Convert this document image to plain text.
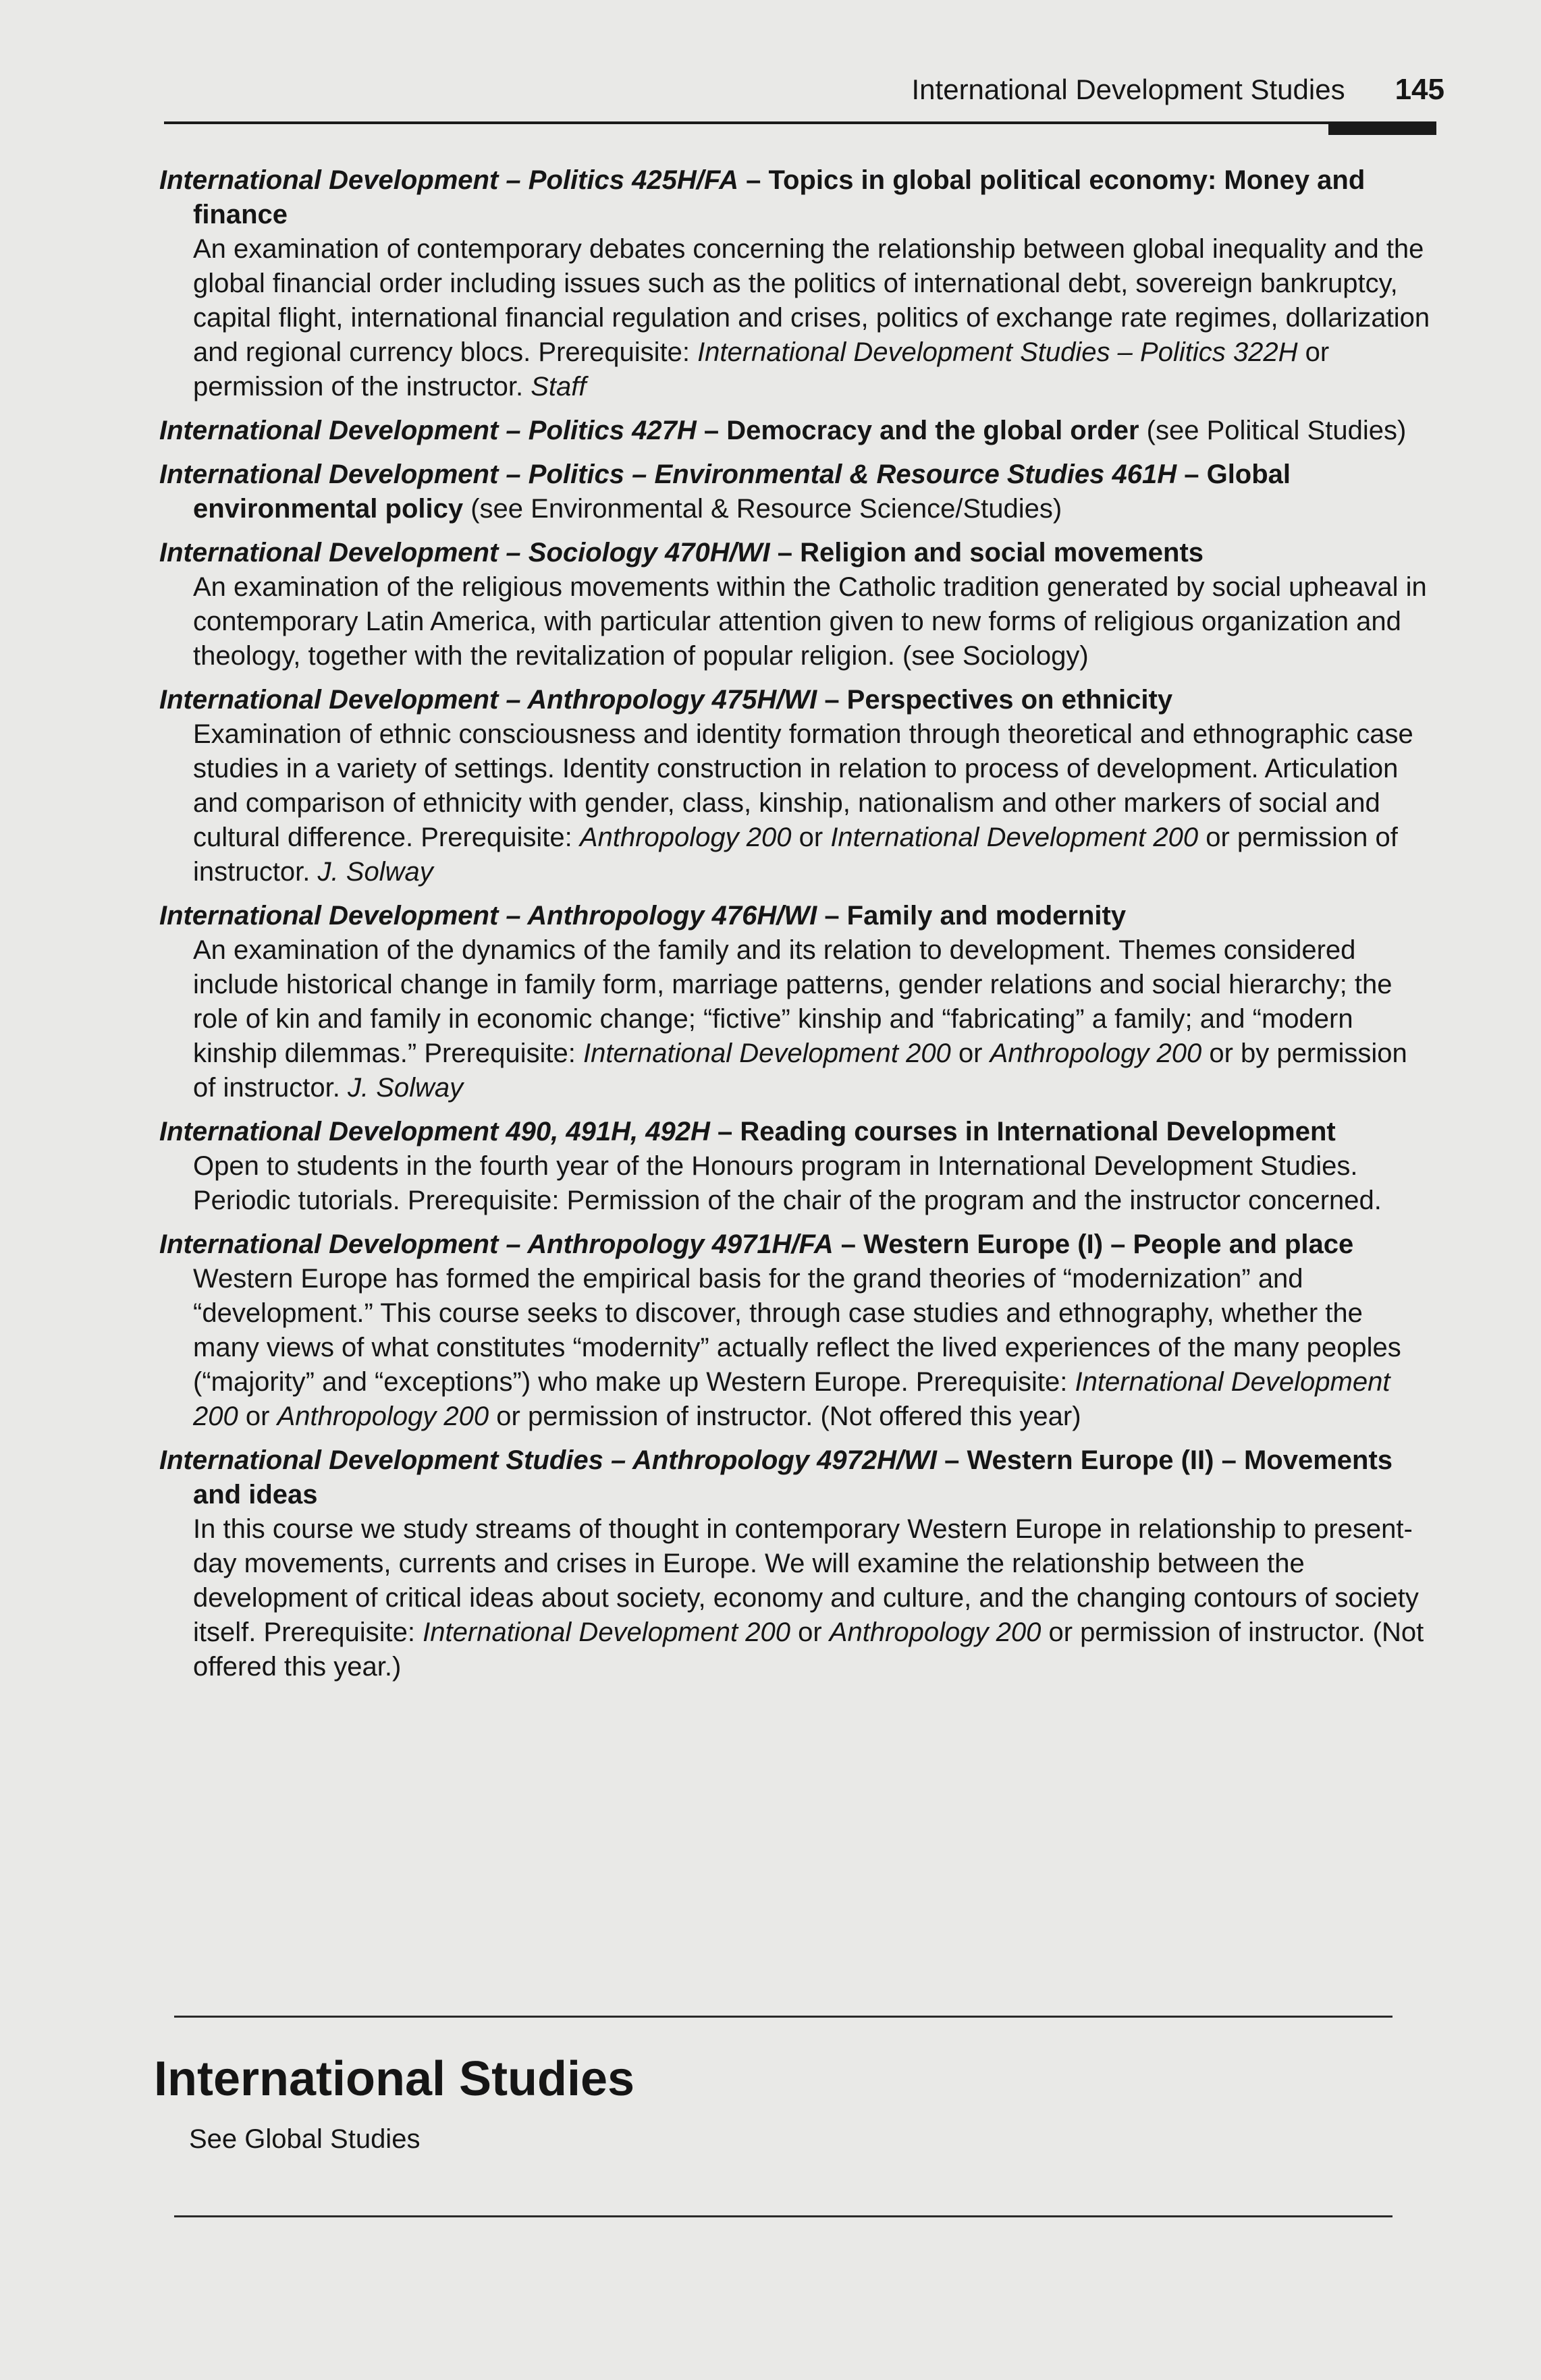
International Development Studies 145
International Development – Politics 425H/FA – Topics in global political economy: Money and finance
An examination of contemporary debates concerning the relationship between global inequality and the global financial order including issues such as the politics of international debt, sovereign bankruptcy, capital flight, international financial regulation and crises, politics of exchange rate regimes, dollarization and regional currency blocs. Prerequisite: International Development Studies – Politics 322H or permission of the instructor. Staff
International Development – Politics 427H – Democracy and the global order (see Political Studies)
International Development – Politics – Environmental & Resource Studies 461H – Global environmental policy (see Environmental & Resource Science/Studies)
International Development – Sociology 470H/WI – Religion and social movements
An examination of the religious movements within the Catholic tradition generated by social upheaval in contemporary Latin America, with particular attention given to new forms of religious organization and theology, together with the revitalization of popular religion. (see Sociology)
International Development – Anthropology 475H/WI – Perspectives on ethnicity
Examination of ethnic consciousness and identity formation through theoretical and ethnographic case studies in a variety of settings. Identity construction in relation to process of development. Articulation and comparison of ethnicity with gender, class, kinship, nationalism and other markers of social and cultural difference. Prerequisite: Anthropology 200 or International Development 200 or permission of instructor. J. Solway
International Development – Anthropology 476H/WI – Family and modernity
An examination of the dynamics of the family and its relation to development. Themes considered include historical change in family form, marriage patterns, gender relations and social hierarchy; the role of kin and family in economic change; “fictive” kinship and “fabricating” a family; and “modern kinship dilemmas.” Prerequisite: International Development 200 or Anthropology 200 or by permission of instructor. J. Solway
International Development 490, 491H, 492H – Reading courses in International Development
Open to students in the fourth year of the Honours program in International Development Studies. Periodic tutorials. Prerequisite: Permission of the chair of the program and the instructor concerned.
International Development – Anthropology 4971H/FA – Western Europe (I) – People and place
Western Europe has formed the empirical basis for the grand theories of “modernization” and “development.” This course seeks to discover, through case studies and ethnography, whether the many views of what constitutes “modernity” actually reflect the lived experiences of the many peoples (“majority” and “exceptions”) who make up Western Europe. Prerequisite: International Development 200 or Anthropology 200 or permission of instructor. (Not offered this year)
International Development Studies – Anthropology 4972H/WI – Western Europe (II) – Movements and ideas
In this course we study streams of thought in contemporary Western Europe in relationship to present-day movements, currents and crises in Europe. We will examine the relationship between the development of critical ideas about society, economy and culture, and the changing contours of society itself. Prerequisite: International Development 200 or Anthropology 200 or permission of instructor. (Not offered this year.)
International Studies
See Global Studies
